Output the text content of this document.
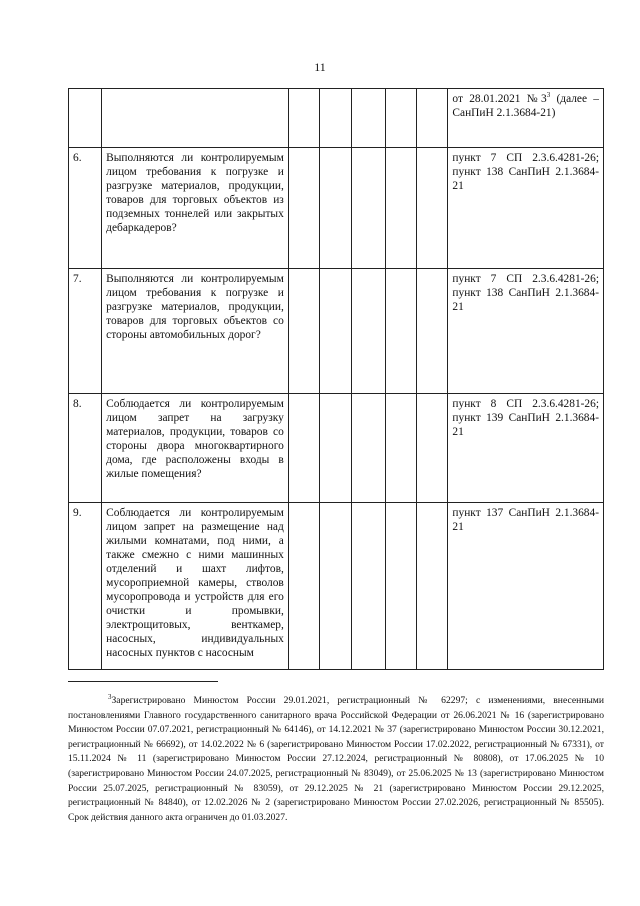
11
							от 28.01.2021 $№3^3$ (далее – СанПиН 2.1.3684-21)
6.	Выполняются ли контролируемым лицом требования к погрузке и разгрузке материалов, продукции, товаров для торговых объектов из подземных тоннелей или закрытых дебаркадеров?						пункт 7 СП 2.3.6.4281-26; пункт 138 СанПиН 2.1.3684-21
7.	Выполняются ли контролируемым лицом требования к погрузке и разгрузке материалов, продукции, товаров для торговых объектов со стороны автомобильных дорог?						пункт 7 СП 2.3.6.4281-26; пункт 138 СанПиН 2.1.3684-21
8.	Соблюдается ли контролируемым лицом запрет на загрузку материалов, продукции, товаров со стороны двора многоквартирного дома, где расположены входы в жилые помещения?						пункт 8 СП 2.3.6.4281-26; пункт 139 СанПиН 2.1.3684-21
9.	Соблюдается ли контролируемым лицом запрет на размещение над жилыми комнатами, под ними, а также смежно с ними машинных отделений и шахт лифтов, мусороприемной камеры, стволов мусоропровода и устройств для его очистки и промывки, электрощитовых, венткамер, насосных, индивидуальных насосных пунктов с насосным						пункт 137 СанПиН 2.1.3684-21
$^3$Зарегистрировано Минюстом России 29.01.2021, регистрационный № 62297; с изменениями, внесенными постановлениями Главного государственного санитарного врача Российской Федерации от 26.06.2021 № 16 (зарегистрировано Минюстом России 07.07.2021, регистрационный № 64146), от 14.12.2021 № 37 (зарегистрировано Минюстом России 30.12.2021, регистрационный № 66692), от 14.02.2022 № 6 (зарегистрировано Минюстом России 17.02.2022, регистрационный № 67331), от 15.11.2024 № 11 (зарегистрировано Минюстом России 27.12.2024, регистрационный № 80808), от 17.06.2025 № 10 (зарегистрировано Минюстом России 24.07.2025, регистрационный № 83049), от 25.06.2025 № 13 (зарегистрировано Минюстом России 25.07.2025, регистрационный № 83059), от 29.12.2025 № 21 (зарегистрировано Минюстом России 29.12.2025, регистрационный № 84840), от 12.02.2026 № 2 (зарегистрировано Минюстом России 27.02.2026, регистрационный № 85505). Срок действия данного акта ограничен до 01.03.2027.
